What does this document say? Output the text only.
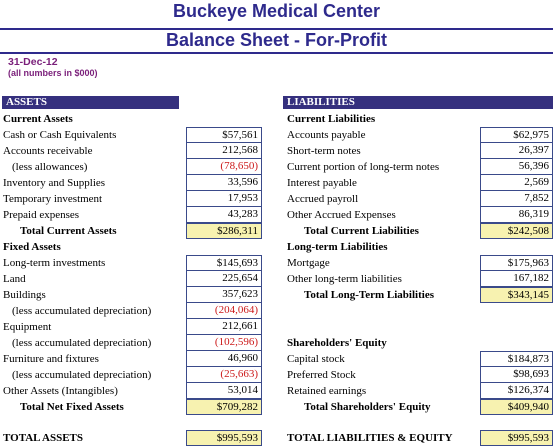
Buckeye Medical Center
Balance Sheet - For-Profit
31-Dec-12
(all numbers in $000)
ASSETS	LIABILITIES
Current Assets
Cash or Cash Equivalents	$57,561
Accounts receivable	212,568
(less allowances)	(78,650)
Inventory and Supplies	33,596
Temporary investment	17,953
Prepaid expenses	43,283
Total Current Assets	$286,311
Fixed Assets
Long-term investments	$145,693
Land	225,654
Buildings	357,623
(less accumulated depreciation)	(204,064)
Equipment	212,661
(less accumulated depreciation)	(102,596)
Furniture and fixtures	46,960
(less accumulated depreciation)	(25,663)
Other Assets (Intangibles)	53,014
Total Net Fixed Assets	$709,282
Current Liabilities
Accounts payable	$62,975
Short-term notes	26,397
Current portion of long-term notes	56,396
Interest payable	2,569
Accrued payroll	7,852
Other Accrued Expenses	86,319
Total Current Liabilities	$242,508
Long-term Liabilities
Mortgage	$175,963
Other long-term liabilities	167,182
Total Long-Term Liabilities	$343,145
Shareholders' Equity
Capital stock	$184,873
Preferred Stock	$98,693
Retained earnings	$126,374
Total Shareholders' Equity	$409,940
TOTAL ASSETS	$995,593	TOTAL LIABILITIES & EQUITY	$995,593
